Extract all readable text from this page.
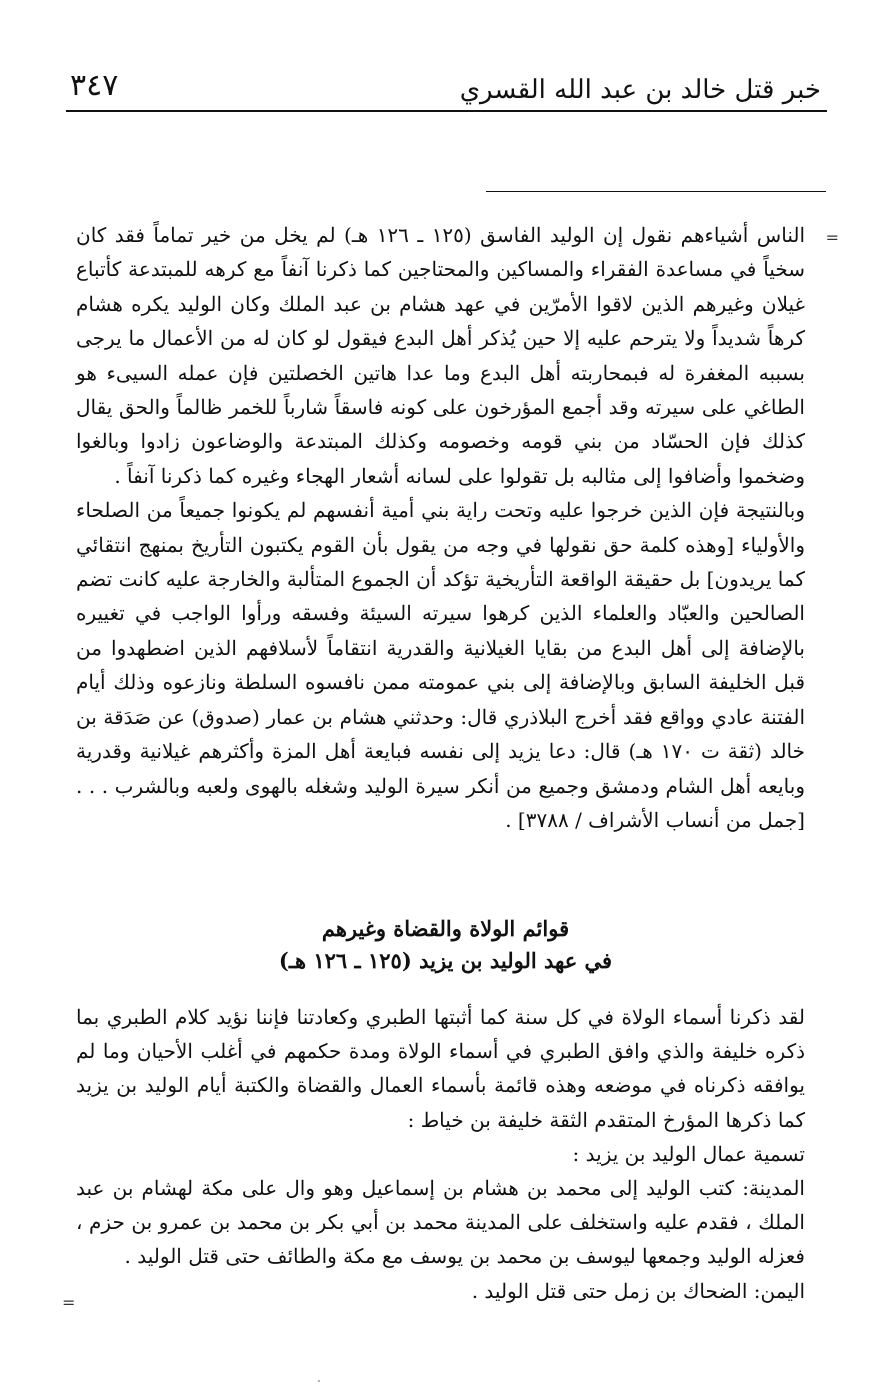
٣٤٧	خبر قتل خالد بن عبد الله القسري
=

الناس أشياءهم نقول إن الوليد الفاسق (١٢٥ ـ ١٢٦ هـ) لم يخل من خير تماماً فقد كان سخياً في مساعدة الفقراء والمساكين والمحتاجين كما ذكرنا آنفاً مع كرهه للمبتدعة كأتباع غيلان وغيرهم الذين لاقوا الأمرّين في عهد هشام بن عبد الملك وكان الوليد يكره هشام كرهاً شديداً ولا يترحم عليه إلا حين يُذكر أهل البدع فيقول لو كان له من الأعمال ما يرجى بسببه المغفرة له فبمحاربته أهل البدع وما عدا هاتين الخصلتين فإن عمله السيىء هو الطاغي على سيرته وقد أجمع المؤرخون على كونه فاسقاً شارباً للخمر ظالماً والحق يقال كذلك فإن الحسّاد من بني قومه وخصومه وكذلك المبتدعة والوضاعون زادوا وبالغوا وضخموا وأضافوا إلى مثالبه بل تقولوا على لسانه أشعار الهجاء وغيره كما ذكرنا آنفاً .

وبالنتيجة فإن الذين خرجوا عليه وتحت راية بني أمية أنفسهم لم يكونوا جميعاً من الصلحاء والأولياء [وهذه كلمة حق نقولها في وجه من يقول بأن القوم يكتبون التأريخ بمنهج انتقائي كما يريدون] بل حقيقة الواقعة التأريخية تؤكد أن الجموع المتألبة والخارجة عليه كانت تضم الصالحين والعبّاد والعلماء الذين كرهوا سيرته السيئة وفسقه ورأوا الواجب في تغييره بالإضافة إلى أهل البدع من بقايا الغيلانية والقدرية انتقاماً لأسلافهم الذين اضطهدوا من قبل الخليفة السابق وبالإضافة إلى بني عمومته ممن نافسوه السلطة ونازعوه وذلك أيام الفتنة عادي وواقع فقد أخرج البلاذري قال: وحدثني هشام بن عمار (صدوق) عن صَدَقة بن خالد (ثقة ت ١٧٠ هـ) قال: دعا يزيد إلى نفسه فبايعة أهل المزة وأكثرهم غيلانية وقدرية وبايعه أهل الشام ودمشق وجميع من أنكر سيرة الوليد وشغله بالهوى ولعبه وبالشرب . . . [جمل من أنساب الأشراف / ٣٧٨٨] .

قوائم الولاة والقضاة وغيرهم
في عهد الوليد بن يزيد (١٢٥ ـ ١٢٦ هـ)

لقد ذكرنا أسماء الولاة في كل سنة كما أثبتها الطبري وكعادتنا فإننا نؤيد كلام الطبري بما ذكره خليفة والذي وافق الطبري في أسماء الولاة ومدة حكمهم في أغلب الأحيان وما لم يوافقه ذكرناه في موضعه وهذه قائمة بأسماء العمال والقضاة والكتبة أيام الوليد بن يزيد كما ذكرها المؤرخ المتقدم الثقة خليفة بن خياط :

تسمية عمال الوليد بن يزيد :

المدينة: كتب الوليد إلى محمد بن هشام بن إسماعيل وهو وال على مكة لهشام بن عبد الملك ، فقدم عليه واستخلف على المدينة محمد بن أبي بكر بن محمد بن عمرو بن حزم ، فعزله الوليد وجمعها ليوسف بن محمد بن يوسف مع مكة والطائف حتى قتل الوليد .

اليمن: الضحاك بن زمل حتى قتل الوليد .

=
